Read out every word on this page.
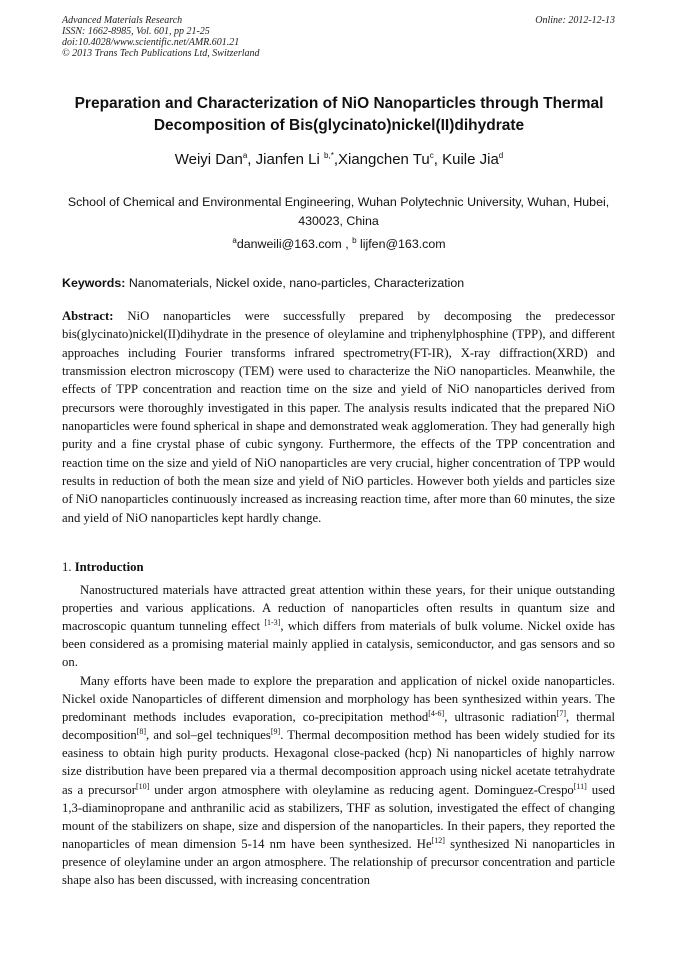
Advanced Materials Research
ISSN: 1662-8985, Vol. 601, pp 21-25
doi:10.4028/www.scientific.net/AMR.601.21
© 2013 Trans Tech Publications Ltd, Switzerland
Online: 2012-12-13
Preparation and Characterization of NiO Nanoparticles through Thermal Decomposition of Bis(glycinato)nickel(II)dihydrate
Weiyi Dan$^a$, Jianfen Li $^{b,*}$,Xiangchen Tu$^c$, Kuile Jia$^d$
School of Chemical and Environmental Engineering, Wuhan Polytechnic University, Wuhan, Hubei, 430023, China
$^a$danweili@163.com , $^b$ lijfen@163.com
Keywords: Nanomaterials, Nickel oxide, nano-particles, Characterization
Abstract: NiO nanoparticles were successfully prepared by decomposing the predecessor bis(glycinato)nickel(II)dihydrate in the presence of oleylamine and triphenylphosphine (TPP), and different approaches including Fourier transforms infrared spectrometry(FT-IR), X-ray diffraction(XRD) and transmission electron microscopy (TEM) were used to characterize the NiO nanoparticles. Meanwhile, the effects of TPP concentration and reaction time on the size and yield of NiO nanoparticles derived from precursors were thoroughly investigated in this paper. The analysis results indicated that the prepared NiO nanoparticles were found spherical in shape and demonstrated weak agglomeration. They had generally high purity and a fine crystal phase of cubic syngony. Furthermore, the effects of the TPP concentration and reaction time on the size and yield of NiO nanoparticles are very crucial, higher concentration of TPP would results in reduction of both the mean size and yield of NiO particles. However both yields and particles size of NiO nanoparticles continuously increased as increasing reaction time, after more than 60 minutes, the size and yield of NiO nanoparticles kept hardly change.
1. Introduction
Nanostructured materials have attracted great attention within these years, for their unique outstanding properties and various applications. A reduction of nanoparticles often results in quantum size and macroscopic quantum tunneling effect [1-3], which differs from materials of bulk volume. Nickel oxide has been considered as a promising material mainly applied in catalysis, semiconductor, and gas sensors and so on.
Many efforts have been made to explore the preparation and application of nickel oxide nanoparticles. Nickel oxide Nanoparticles of different dimension and morphology has been synthesized within years. The predominant methods includes evaporation, co-precipitation method[4-6], ultrasonic radiation[7], thermal decomposition[8], and sol–gel techniques[9]. Thermal decomposition method has been widely studied for its easiness to obtain high purity products. Hexagonal close-packed (hcp) Ni nanoparticles of highly narrow size distribution have been prepared via a thermal decomposition approach using nickel acetate tetrahydrate as a precursor[10] under argon atmosphere with oleylamine as reducing agent. Dominguez-Crespo[11] used 1,3-diaminopropane and anthranilic acid as stabilizers, THF as solution, investigated the effect of changing mount of the stabilizers on shape, size and dispersion of the nanoparticles. In their papers, they reported the nanoparticles of mean dimension 5-14 nm have been synthesized. He[12] synthesized Ni nanoparticles in presence of oleylamine under an argon atmosphere. The relationship of precursor concentration and particle shape also has been discussed, with increasing concentration
